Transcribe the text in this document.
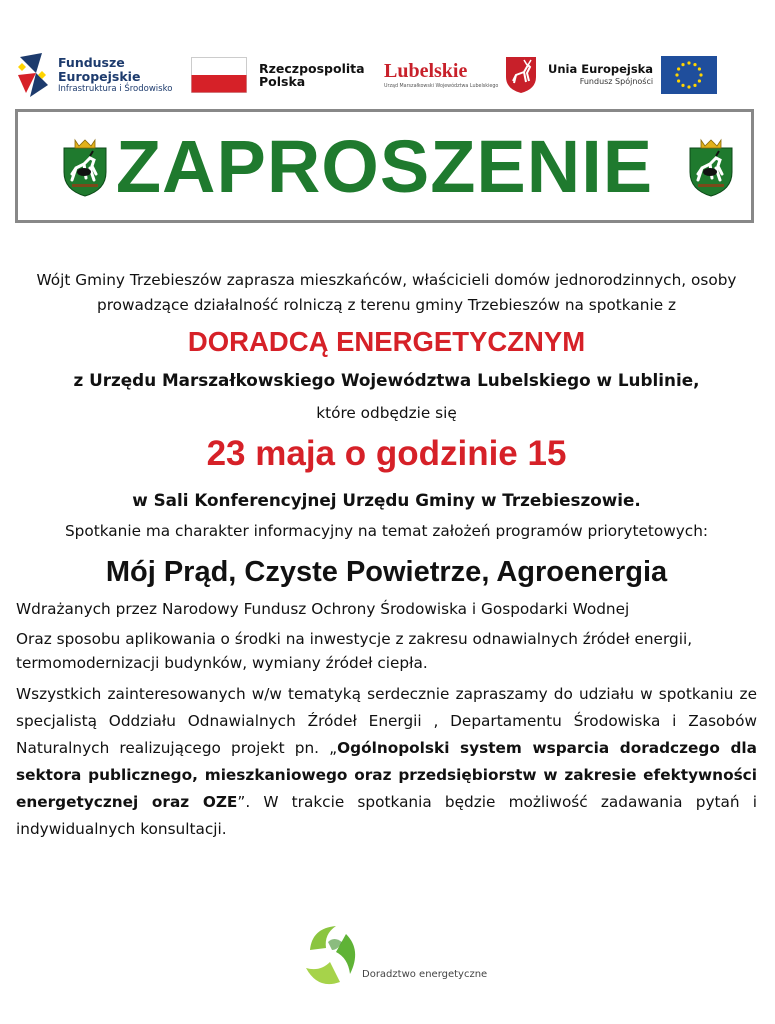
Fundusze
Europejskie
Infrastruktura i Środowisko
Rzeczpospolita
Polska	Lubelskie
Urząd Marszałkowski Województwa Lubelskiego
Unia Europejska
Fundusz Spójności
ZAPROSZENIE

Wójt Gminy Trzebieszów zaprasza mieszkańców, właścicieli domów jednorodzinnych, osoby prowadzące działalność rolniczą z terenu gminy Trzebieszów na spotkanie z

DORADCĄ ENERGETYCZNYM

z Urzędu Marszałkowskiego Województwa Lubelskiego w Lublinie,

które odbędzie się

23 maja o godzinie 15

w Sali Konferencyjnej Urzędu Gminy w Trzebieszowie.

Spotkanie ma charakter informacyjny na temat założeń programów priorytetowych:

Mój Prąd, Czyste Powietrze, Agroenergia

Wdrażanych przez Narodowy Fundusz Ochrony Środowiska i Gospodarki Wodnej

Oraz sposobu aplikowania o środki na inwestycje z zakresu odnawialnych źródeł energii, termomodernizacji budynków, wymiany źródeł ciepła.

Wszystkich zainteresowanych w/w tematyką serdecznie zapraszamy do udziału w spotkaniu ze specjalistą Oddziału Odnawialnych Źródeł Energii , Departamentu Środowiska i Zasobów Naturalnych realizującego projekt pn. „Ogólnopolski system wsparcia doradczego dla sektora publicznego, mieszkaniowego oraz przedsiębiorstw w zakresie efektywności energetycznej oraz OZE”. W trakcie spotkania będzie możliwość zadawania pytań i indywidualnych konsultacji.

Doradztwo energetyczne
